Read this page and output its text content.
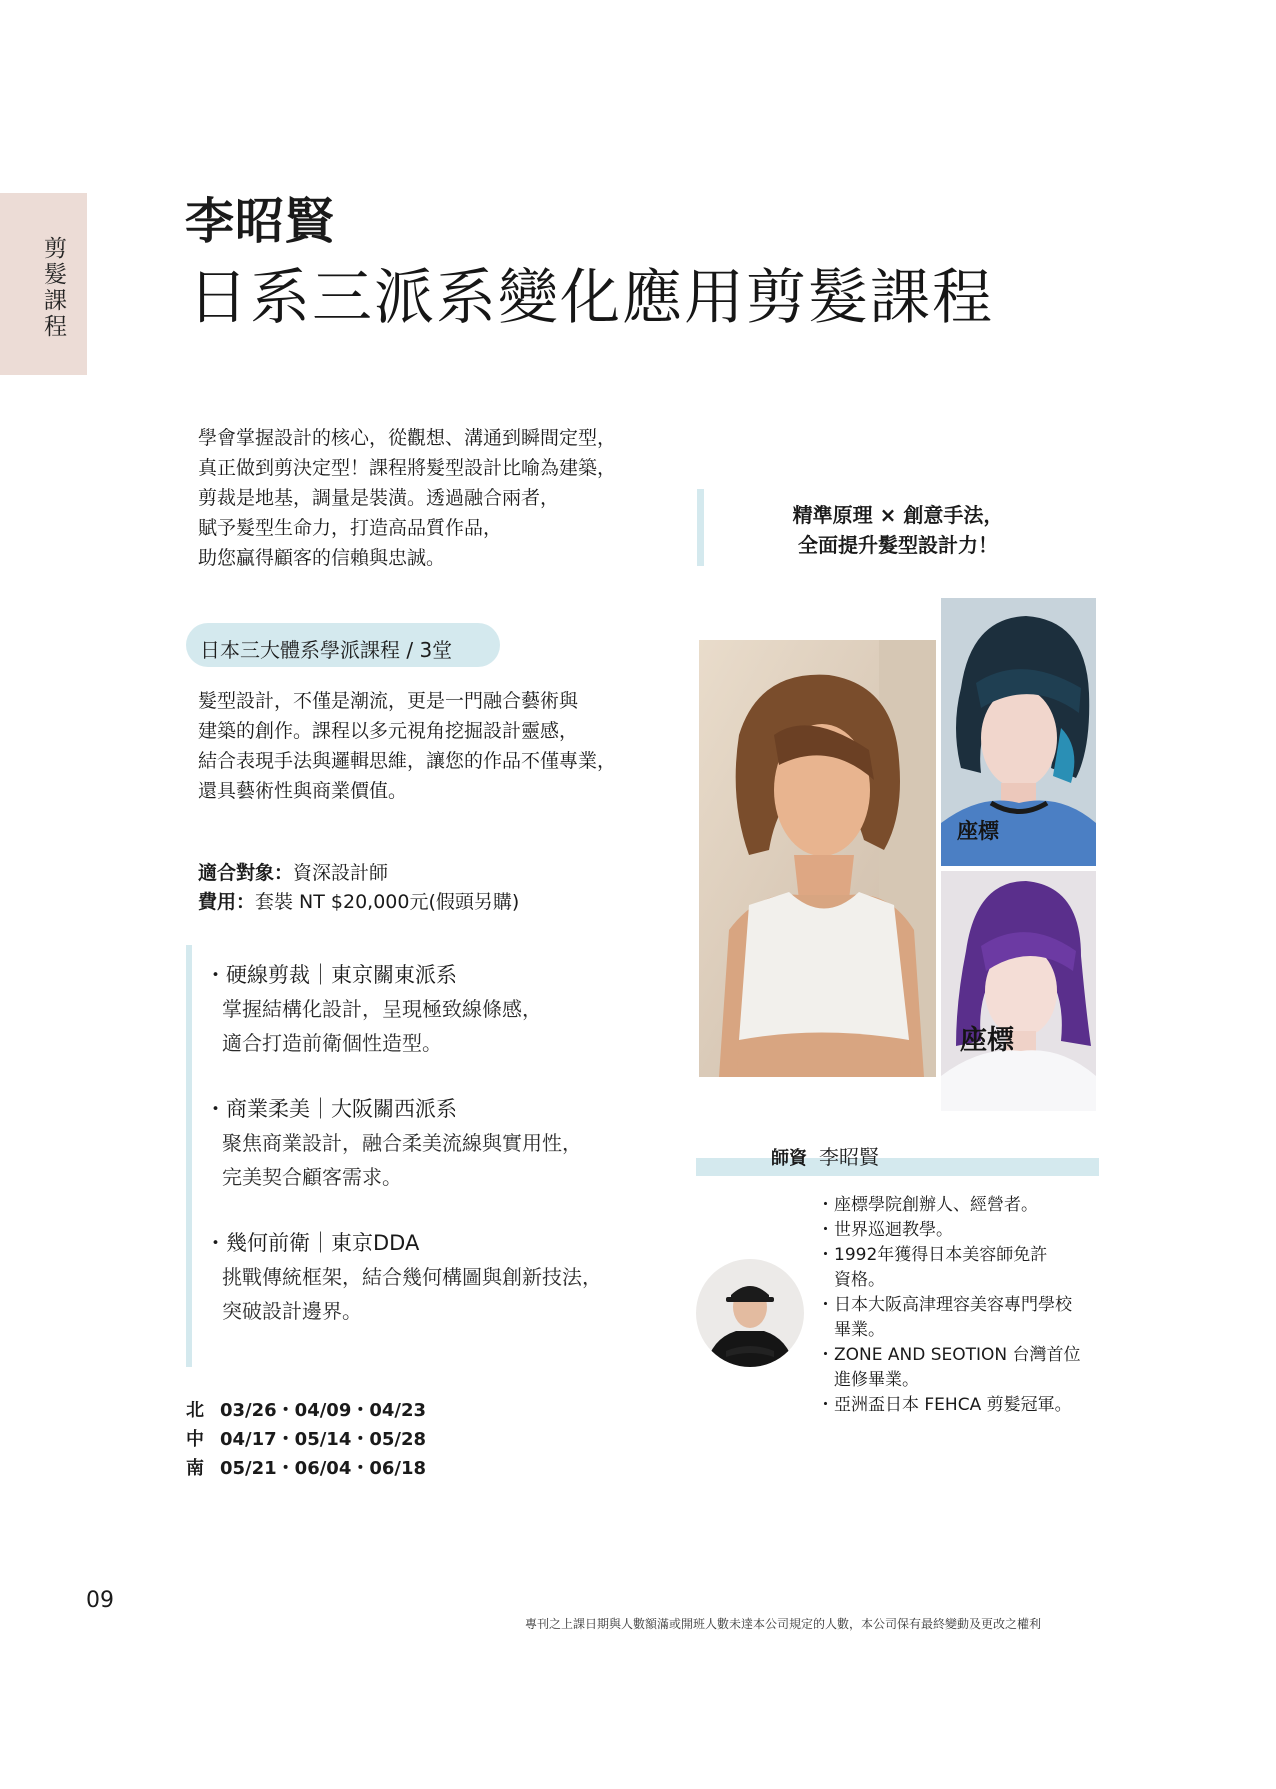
剪髮課程
李昭賢
日系三派系變化應用剪髮課程
學會掌握設計的核心，從觀想、溝通到瞬間定型，
真正做到剪決定型！課程將髮型設計比喻為建築，
剪裁是地基，調量是裝潢。透過融合兩者，
賦予髮型生命力，打造高品質作品，
助您贏得顧客的信賴與忠誠。
精準原理 × 創意手法，
全面提升髮型設計力！
日本三大體系學派課程 / 3堂
髮型設計，不僅是潮流，更是一門融合藝術與
建築的創作。課程以多元視角挖掘設計靈感，
結合表現手法與邏輯思維，讓您的作品不僅專業，
還具藝術性與商業價值。
適合對象：資深設計師
費用：套裝 NT $20,000元(假頭另購)
・硬線剪裁｜東京關東派系
掌握結構化設計，呈現極致線條感，
適合打造前衛個性造型。
・商業柔美｜大阪關西派系
聚焦商業設計，融合柔美流線與實用性，
完美契合顧客需求。
・幾何前衛｜東京DDA
挑戰傳統框架，結合幾何構圖與創新技法，
突破設計邊界。
北 03/26・04/09・04/23
中 04/17・05/14・05/28
南 05/21・06/04・06/18
座標
座標
師資 李昭賢
・座標學院創辦人、經營者。
・世界巡迴教學。
・1992年獲得日本美容師免許
資格。
・日本大阪高津理容美容專門學校
畢業。
・ZONE AND SEOTION 台灣首位
進修畢業。
・亞洲盃日本 FEHCA 剪髮冠軍。
09
專刊之上課日期與人數額滿或開班人數未達本公司規定的人數，本公司保有最終變動及更改之權利
